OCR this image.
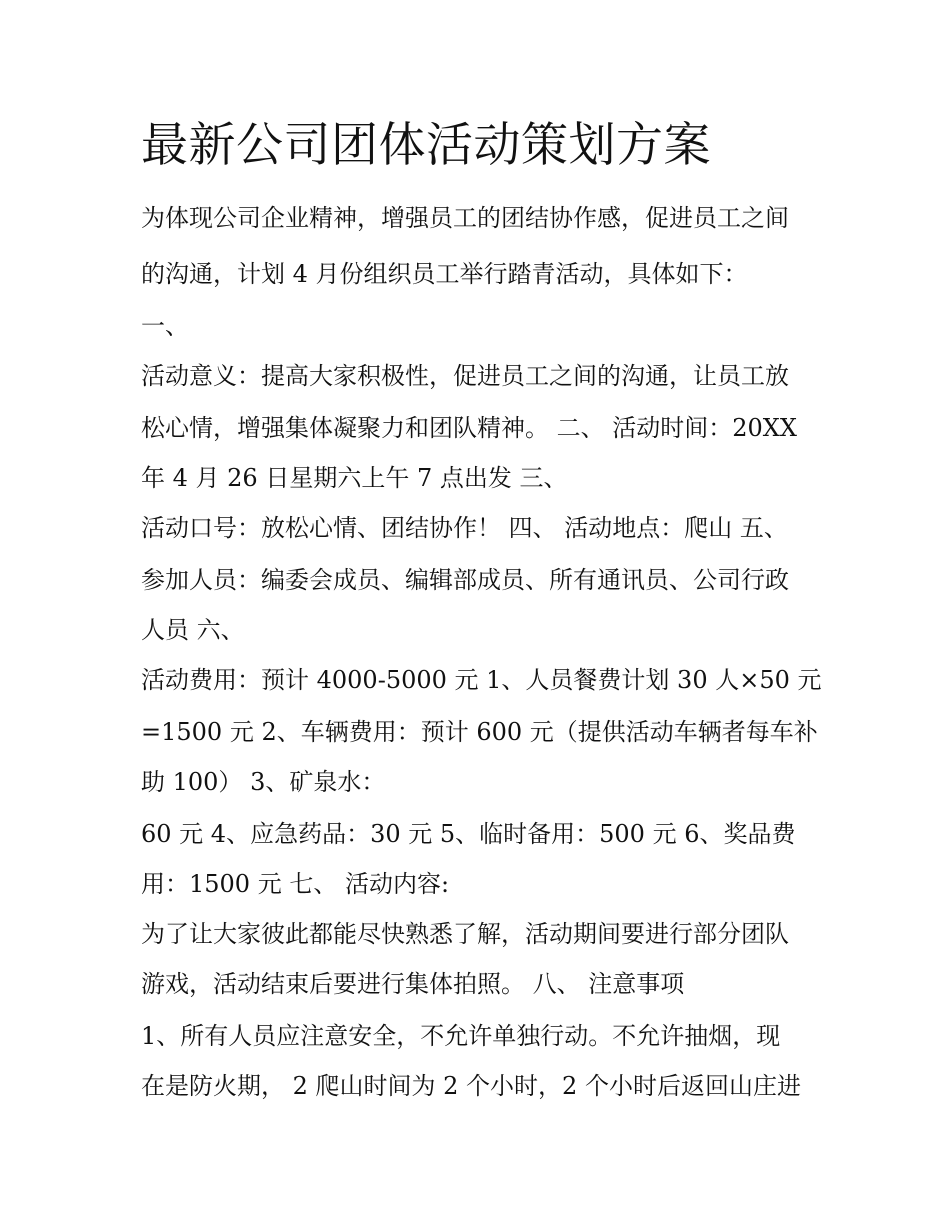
最新公司团体活动策划方案

为体现公司企业精神，增强员工的团结协作感，促进员工之间

的沟通，计划 4 月份组织员工举行踏青活动，具体如下：

一、

活动意义：提高大家积极性，促进员工之间的沟通，让员工放

松心情，增强集体凝聚力和团队精神。 二、 活动时间：20XX

年 4 月 26 日星期六上午 7 点出发 三、

活动口号：放松心情、团结协作！ 四、 活动地点：爬山 五、

参加人员：编委会成员、编辑部成员、所有通讯员、公司行政

人员 六、

活动费用：预计 4000-5000 元 1、人员餐费计划 30 人×50 元

=1500 元 2、车辆费用：预计 600 元（提供活动车辆者每车补

助 100） 3、矿泉水：

60 元 4、应急药品：30 元 5、临时备用：500 元 6、奖品费

用：1500 元 七、 活动内容:

为了让大家彼此都能尽快熟悉了解，活动期间要进行部分团队

游戏，活动结束后要进行集体拍照。 八、 注意事项

1、所有人员应注意安全，不允许单独行动。不允许抽烟，现

在是防火期， 2 爬山时间为 2 个小时，2 个小时后返回山庄进
